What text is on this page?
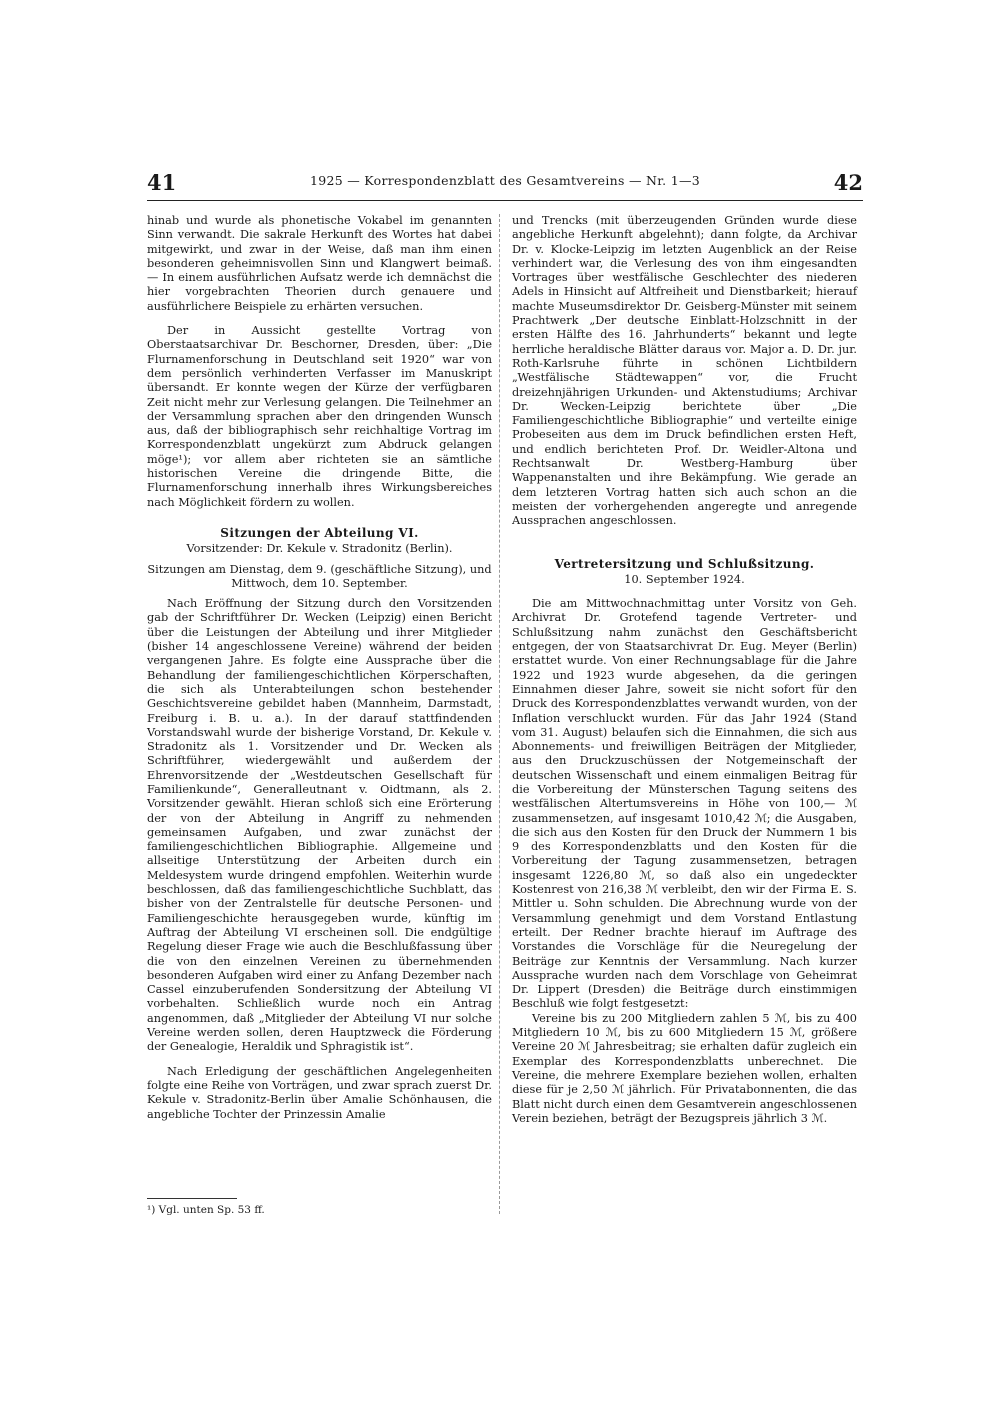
41	1925 — Korrespondenzblatt des Gesamtvereins — Nr. 1—3	42

hinab und wurde als phonetische Vokabel im genannten Sinn verwandt. Die sakrale Herkunft des Wortes hat dabei mitgewirkt, und zwar in der Weise, daß man ihm einen besonderen geheimnisvollen Sinn und Klangwert beimaß. — In einem ausführlichen Aufsatz werde ich demnächst die hier vorgebrachten Theorien durch genauere und ausführlichere Beispiele zu erhärten versuchen.

Der in Aussicht gestellte Vortrag von Oberstaatsarchivar Dr. Beschorner, Dresden, über: „Die Flurnamenforschung in Deutschland seit 1920“ war von dem persönlich verhinderten Verfasser im Manuskript übersandt. Er konnte wegen der Kürze der verfügbaren Zeit nicht mehr zur Verlesung gelangen. Die Teilnehmer an der Versammlung sprachen aber den dringenden Wunsch aus, daß der bibliographisch sehr reichhaltige Vortrag im Korrespondenzblatt ungekürzt zum Abdruck gelangen möge¹); vor allem aber richteten sie an sämtliche historischen Vereine die dringende Bitte, die Flurnamenforschung innerhalb ihres Wirkungsbereiches nach Möglichkeit fördern zu wollen.

Sitzungen der Abteilung VI.

Vorsitzender: Dr. Kekule v. Stradonitz (Berlin).

Sitzungen am Dienstag, dem 9. (geschäftliche Sitzung), und Mittwoch, dem 10. September.

Nach Eröffnung der Sitzung durch den Vorsitzenden gab der Schriftführer Dr. Wecken (Leipzig) einen Bericht über die Leistungen der Abteilung und ihrer Mitglieder (bisher 14 angeschlossene Vereine) während der beiden vergangenen Jahre. Es folgte eine Aussprache über die Behandlung der familiengeschichtlichen Körperschaften, die sich als Unterabteilungen schon bestehender Geschichtsvereine gebildet haben (Mannheim, Darmstadt, Freiburg i. B. u. a.). In der darauf stattfindenden Vorstandswahl wurde der bisherige Vorstand, Dr. Kekule v. Stradonitz als 1. Vorsitzender und Dr. Wecken als Schriftführer, wiedergewählt und außerdem der Ehrenvorsitzende der „Westdeutschen Gesellschaft für Familienkunde“, Generalleutnant v. Oidtmann, als 2. Vorsitzender gewählt. Hieran schloß sich eine Erörterung der von der Abteilung in Angriff zu nehmenden gemeinsamen Aufgaben, und zwar zunächst der familiengeschichtlichen Bibliographie. Allgemeine und allseitige Unterstützung der Arbeiten durch ein Meldesystem wurde dringend empfohlen. Weiterhin wurde beschlossen, daß das familiengeschichtliche Suchblatt, das bisher von der Zentralstelle für deutsche Personen- und Familiengeschichte herausgegeben wurde, künftig im Auftrag der Abteilung VI erscheinen soll. Die endgültige Regelung dieser Frage wie auch die Beschlußfassung über die von den einzelnen Vereinen zu übernehmenden besonderen Aufgaben wird einer zu Anfang Dezember nach Cassel einzuberufenden Sondersitzung der Abteilung VI vorbehalten. Schließlich wurde noch ein Antrag angenommen, daß „Mitglieder der Abteilung VI nur solche Vereine werden sollen, deren Hauptzweck die Förderung der Genealogie, Heraldik und Sphragistik ist“.

Nach Erledigung der geschäftlichen Angelegenheiten folgte eine Reihe von Vorträgen, und zwar sprach zuerst Dr. Kekule v. Stradonitz-Berlin über Amalie Schönhausen, die angebliche Tochter der Prinzessin Amalie

und Trencks (mit überzeugenden Gründen wurde diese angebliche Herkunft abgelehnt); dann folgte, da Archivar Dr. v. Klocke-Leipzig im letzten Augenblick an der Reise verhindert war, die Verlesung des von ihm eingesandten Vortrages über westfälische Geschlechter des niederen Adels in Hinsicht auf Altfreiheit und Dienstbarkeit; hierauf machte Museumsdirektor Dr. Geisberg-Münster mit seinem Prachtwerk „Der deutsche Einblatt-Holzschnitt in der ersten Hälfte des 16. Jahrhunderts“ bekannt und legte herrliche heraldische Blätter daraus vor. Major a. D. Dr. jur. Roth-Karlsruhe führte in schönen Lichtbildern „Westfälische Städtewappen“ vor, die Frucht dreizehnjährigen Urkunden- und Aktenstudiums; Archivar Dr. Wecken-Leipzig berichtete über „Die Familiengeschichtliche Bibliographie“ und verteilte einige Probeseiten aus dem im Druck befindlichen ersten Heft, und endlich berichteten Prof. Dr. Weidler-Altona und Rechtsanwalt Dr. Westberg-Hamburg über Wappenanstalten und ihre Bekämpfung. Wie gerade an dem letzteren Vortrag hatten sich auch schon an die meisten der vorhergehenden angeregte und anregende Aussprachen angeschlossen.

Vertretersitzung und Schlußsitzung.

10. September 1924.

Die am Mittwochnachmittag unter Vorsitz von Geh. Archivrat Dr. Grotefend tagende Vertreter- und Schlußsitzung nahm zunächst den Geschäftsbericht entgegen, der von Staatsarchivrat Dr. Eug. Meyer (Berlin) erstattet wurde. Von einer Rechnungsablage für die Jahre 1922 und 1923 wurde abgesehen, da die geringen Einnahmen dieser Jahre, soweit sie nicht sofort für den Druck des Korrespondenzblattes verwandt wurden, von der Inflation verschluckt wurden. Für das Jahr 1924 (Stand vom 31. August) belaufen sich die Einnahmen, die sich aus Abonnements- und freiwilligen Beiträgen der Mitglieder, aus den Druckzuschüssen der Notgemeinschaft der deutschen Wissenschaft und einem einmaligen Beitrag für die Vorbereitung der Münsterschen Tagung seitens des westfälischen Altertumsvereins in Höhe von 100,— ℳ zusammensetzen, auf insgesamt 1010,42 ℳ; die Ausgaben, die sich aus den Kosten für den Druck der Nummern 1 bis 9 des Korrespondenzblatts und den Kosten für die Vorbereitung der Tagung zusammensetzen, betragen insgesamt 1226,80 ℳ, so daß also ein ungedeckter Kostenrest von 216,38 ℳ verbleibt, den wir der Firma E. S. Mittler u. Sohn schulden. Die Abrechnung wurde von der Versammlung genehmigt und dem Vorstand Entlastung erteilt. Der Redner brachte hierauf im Auftrage des Vorstandes die Vorschläge für die Neuregelung der Beiträge zur Kenntnis der Versammlung. Nach kurzer Aussprache wurden nach dem Vorschlage von Geheimrat Dr. Lippert (Dresden) die Beiträge durch einstimmigen Beschluß wie folgt festgesetzt:

Vereine bis zu 200 Mitgliedern zahlen 5 ℳ, bis zu 400 Mitgliedern 10 ℳ, bis zu 600 Mitgliedern 15 ℳ, größere Vereine 20 ℳ Jahresbeitrag; sie erhalten dafür zugleich ein Exemplar des Korrespondenzblatts unberechnet. Die Vereine, die mehrere Exemplare beziehen wollen, erhalten diese für je 2,50 ℳ jährlich. Für Privatabonnenten, die das Blatt nicht durch einen dem Gesamtverein angeschlossenen Verein beziehen, beträgt der Bezugspreis jährlich 3 ℳ.

¹) Vgl. unten Sp. 53 ff.
